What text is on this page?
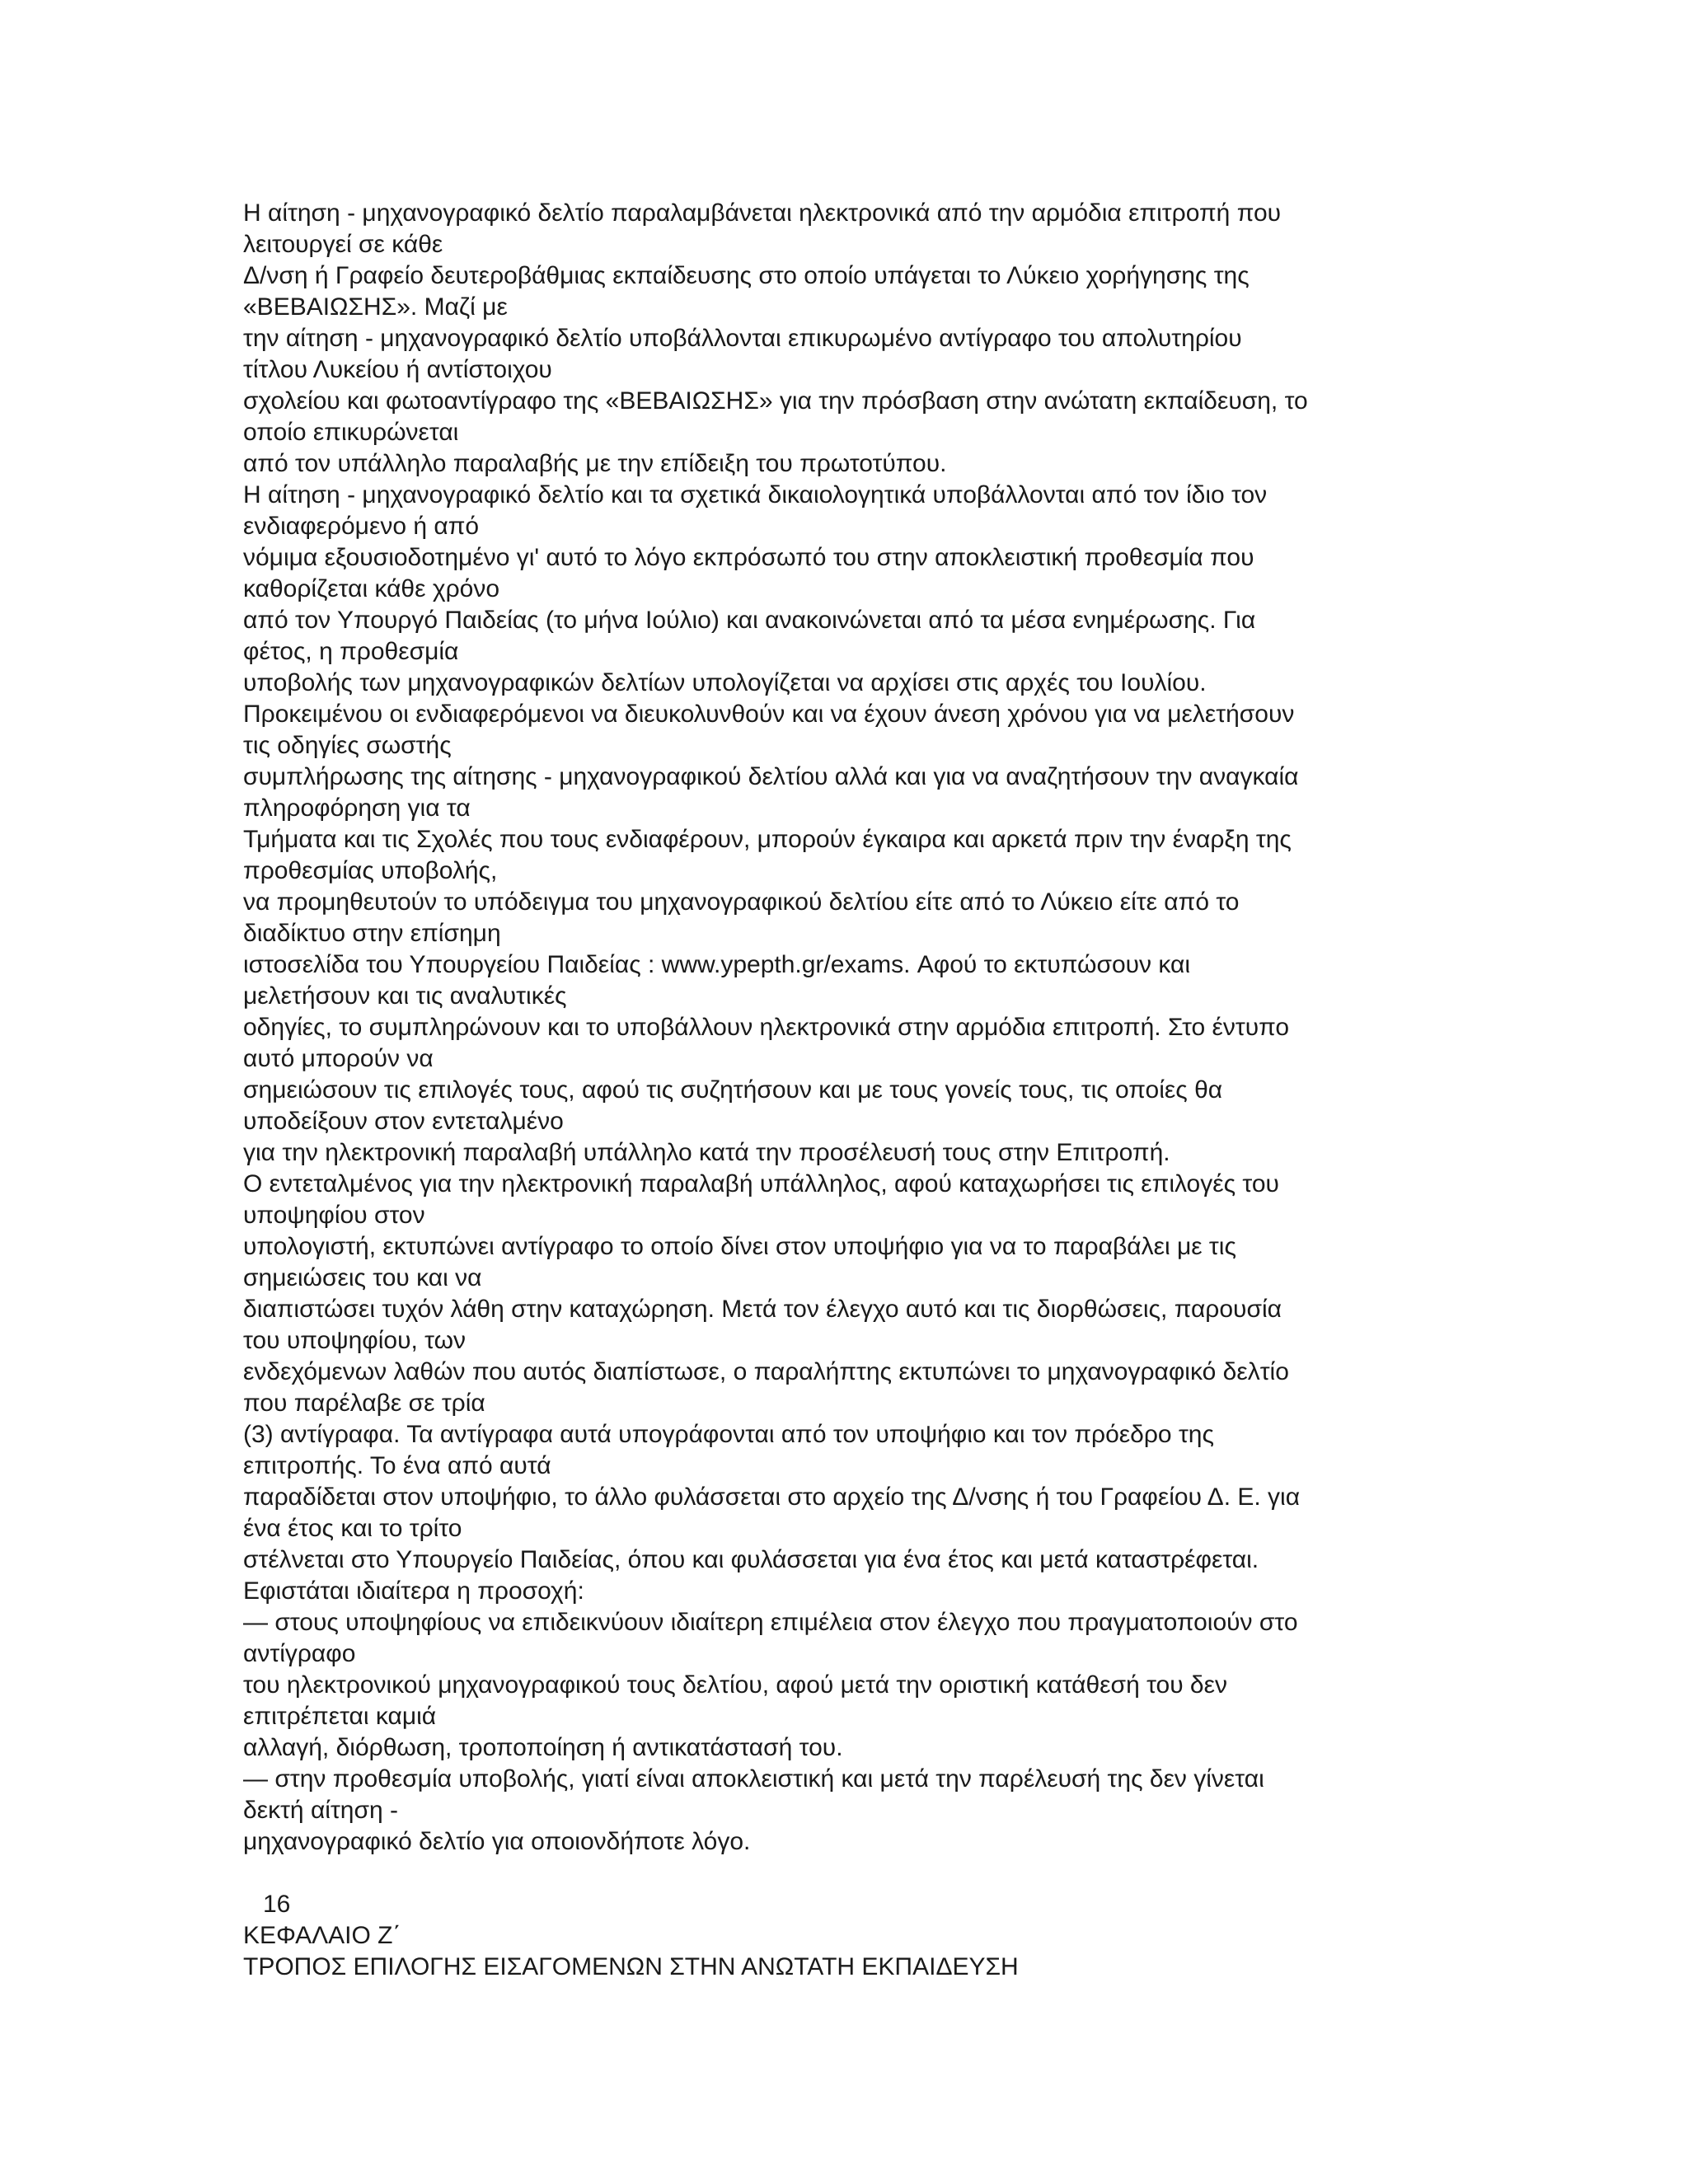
Η αίτηση - μηχανογραφικό δελτίο παραλαμβάνεται ηλεκτρονικά από την αρμόδια επιτροπή που
λειτουργεί σε κάθε
Δ/νση ή Γραφείο δευτεροβάθμιας εκπαίδευσης στο οποίο υπάγεται το Λύκειο χορήγησης της
«ΒΕΒΑΙΩΣΗΣ». Μαζί με
την αίτηση - μηχανογραφικό δελτίο υποβάλλονται επικυρωμένο αντίγραφο του απολυτηρίου
τίτλου Λυκείου ή αντίστοιχου
σχολείου και φωτοαντίγραφο της «ΒΕΒΑΙΩΣΗΣ» για την πρόσβαση στην ανώτατη εκπαίδευση, το
οποίο επικυρώνεται
από τον υπάλληλο παραλαβής με την επίδειξη του πρωτοτύπου.
Η αίτηση - μηχανογραφικό δελτίο και τα σχετικά δικαιολογητικά υποβάλλονται από τον ίδιο τον
ενδιαφερόμενο ή από
νόμιμα εξουσιοδοτημένο γι' αυτό το λόγο εκπρόσωπό του στην αποκλειστική προθεσμία που
καθορίζεται κάθε χρόνο
από τον Υπουργό Παιδείας (το μήνα Ιούλιο) και ανακοινώνεται από τα μέσα ενημέρωσης. Για
φέτος, η προθεσμία
υποβολής των μηχανογραφικών δελτίων υπολογίζεται να αρχίσει στις αρχές του Ιουλίου.
Προκειμένου οι ενδιαφερόμενοι να διευκολυνθούν και να έχουν άνεση χρόνου για να μελετήσουν
τις οδηγίες σωστής
συμπλήρωσης της αίτησης - μηχανογραφικού δελτίου αλλά και για να αναζητήσουν την αναγκαία
πληροφόρηση για τα
Τμήματα και τις Σχολές που τους ενδιαφέρουν, μπορούν έγκαιρα και αρκετά πριν την έναρξη της
προθεσμίας υποβολής,
να προμηθευτούν το υπόδειγμα του μηχανογραφικού δελτίου είτε από το Λύκειο είτε από το
διαδίκτυο στην επίσημη
ιστοσελίδα του Υπουργείου Παιδείας : www.ypepth.gr/exams. Αφού το εκτυπώσουν και
μελετήσουν και τις αναλυτικές
οδηγίες, το συμπληρώνουν και το υποβάλλουν ηλεκτρονικά στην αρμόδια επιτροπή. Στο έντυπο
αυτό μπορούν να
σημειώσουν τις επιλογές τους, αφού τις συζητήσουν και με τους γονείς τους, τις οποίες θα
υποδείξουν στον εντεταλμένο
για την ηλεκτρονική παραλαβή υπάλληλο κατά την προσέλευσή τους στην Επιτροπή.
Ο εντεταλμένος για την ηλεκτρονική παραλαβή υπάλληλος, αφού καταχωρήσει τις επιλογές του
υποψηφίου στον
υπολογιστή, εκτυπώνει αντίγραφο το οποίο δίνει στον υποψήφιο για να το παραβάλει με τις
σημειώσεις του και να
διαπιστώσει τυχόν λάθη στην καταχώρηση. Μετά τον έλεγχο αυτό και τις διορθώσεις, παρουσία
του υποψηφίου, των
ενδεχόμενων λαθών που αυτός διαπίστωσε, ο παραλήπτης εκτυπώνει το μηχανογραφικό δελτίο
που παρέλαβε σε τρία
(3) αντίγραφα. Τα αντίγραφα αυτά υπογράφονται από τον υποψήφιο και τον πρόεδρο της
επιτροπής. Το ένα από αυτά
παραδίδεται στον υποψήφιο, το άλλο φυλάσσεται στο αρχείο της Δ/νσης ή του Γραφείου Δ. Ε. για
ένα έτος και το τρίτο
στέλνεται στο Υπουργείο Παιδείας, όπου και φυλάσσεται για ένα έτος και μετά καταστρέφεται.
Εφιστάται ιδιαίτερα η προσοχή:
— στους υποψηφίους να επιδεικνύουν ιδιαίτερη επιμέλεια στον έλεγχο που πραγματοποιούν στο
αντίγραφο
του ηλεκτρονικού μηχανογραφικού τους δελτίου, αφού μετά την οριστική κατάθεσή του δεν
επιτρέπεται καμιά
αλλαγή, διόρθωση, τροποποίηση ή αντικατάστασή του.
— στην προθεσμία υποβολής, γιατί είναι αποκλειστική και μετά την παρέλευσή της δεν γίνεται
δεκτή αίτηση -
μηχανογραφικό δελτίο για οποιονδήποτε λόγο.
16
ΚΕΦΑΛΑΙΟ Ζ΄
ΤΡΟΠΟΣ ΕΠΙΛΟΓΗΣ ΕΙΣΑΓΟΜΕΝΩΝ ΣΤΗΝ ΑΝΩΤΑΤΗ ΕΚΠΑΙΔΕΥΣΗ
